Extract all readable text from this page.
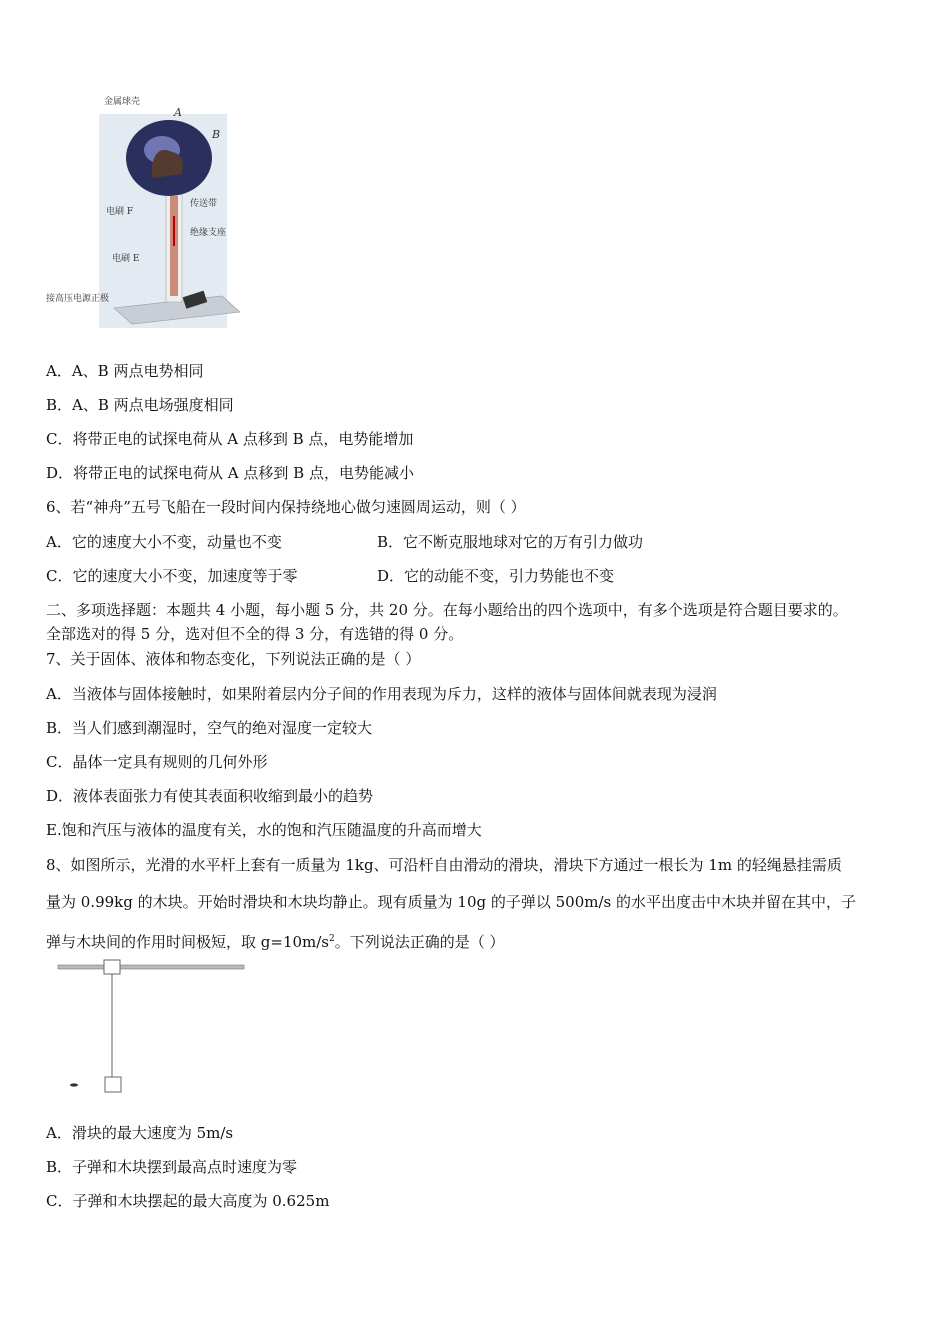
金属球壳
A
B
电刷 F
传送带
绝缘支座
电刷 E
接高压电源正极
A．A、B 两点电势相同
B．A、B 两点电场强度相同
C．将带正电的试探电荷从 A 点移到 B 点，电势能增加
D．将带正电的试探电荷从 A 点移到 B 点，电势能减小
6、若“神舟”五号飞船在一段时间内保持绕地心做匀速圆周运动，则（ ）
A．它的速度大小不变，动量也不变	B．它不断克服地球对它的万有引力做功
C．它的速度大小不变，加速度等于零	D．它的动能不变，引力势能也不变
二、多项选择题：本题共 4 小题，每小题 5 分，共 20 分。在每小题给出的四个选项中，有多个选项是符合题目要求的。
全部选对的得 5 分，选对但不全的得 3 分，有选错的得 0 分。
7、关于固体、液体和物态变化，下列说法正确的是（ ）
A．当液体与固体接触时，如果附着层内分子间的作用表现为斥力，这样的液体与固体间就表现为浸润
B．当人们感到潮湿时，空气的绝对湿度一定较大
C．晶体一定具有规则的几何外形
D．液体表面张力有使其表面积收缩到最小的趋势
E.饱和汽压与液体的温度有关，水的饱和汽压随温度的升高而增大
8、如图所示，光滑的水平杆上套有一质量为 1kg、可沿杆自由滑动的滑块，滑块下方通过一根长为 1m 的轻绳悬挂需质
量为 0.99kg 的木块。开始时滑块和木块均静止。现有质量为 10g 的子弹以 500m/s 的水平出度击中木块并留在其中，子
弹与木块间的作用时间极短，取 $g=10m/s^2$。下列说法正确的是（ ）
A．滑块的最大速度为 5m/s
B．子弹和木块摆到最高点时速度为零
C．子弹和木块摆起的最大高度为 0.625m
